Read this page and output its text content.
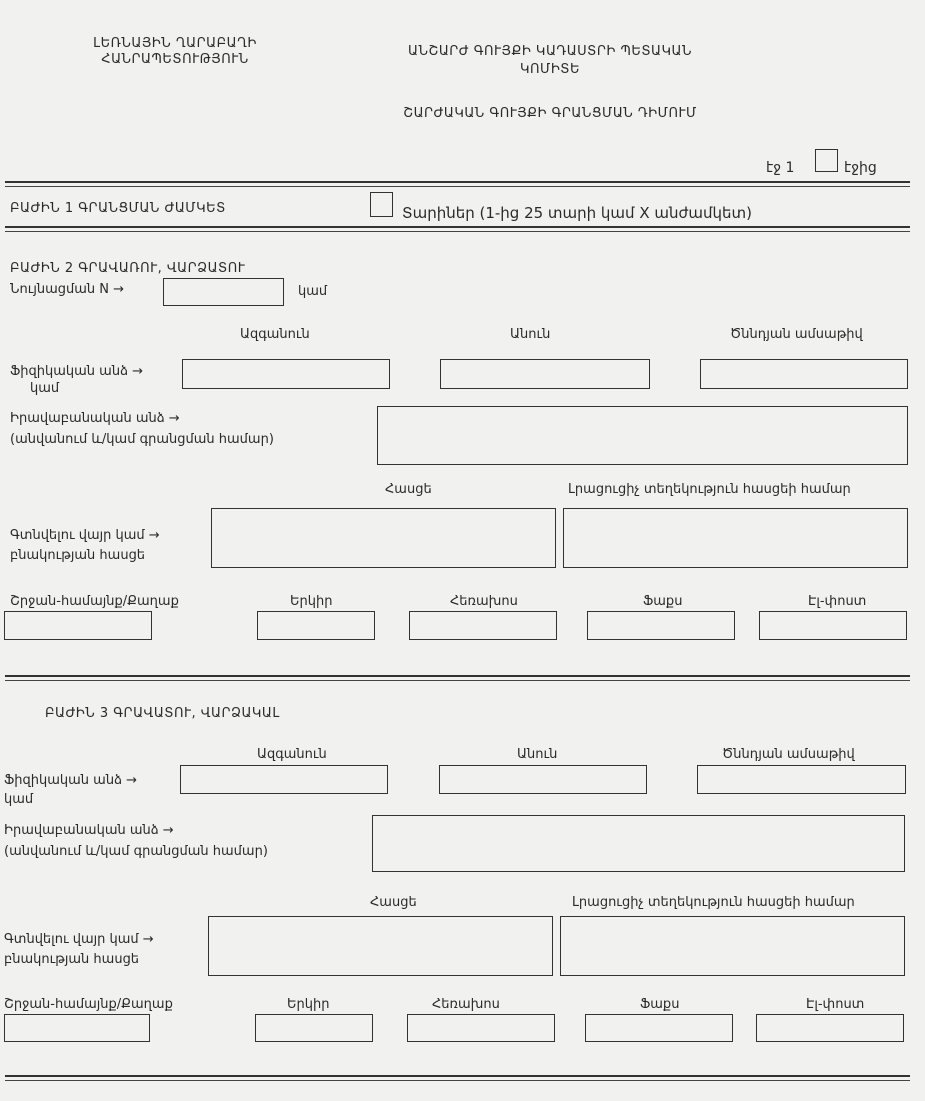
ԼԵՌՆԱՅԻՆ ՂԱՐԱԲԱՂԻ
ՀԱՆՐԱՊԵՏՈՒԹՅՈՒՆ
ԱՆՇԱՐԺ ԳՈՒՅՔԻ ԿԱԴԱՍՏՐԻ ՊԵՏԱԿԱՆ
ԿՈՄԻՏԵ
ՇԱՐԺԱԿԱՆ ԳՈՒՅՔԻ ԳՐԱՆՑՄԱՆ ԴԻՄՈՒՄ
էջ 1	էջից
ԲԱԺԻՆ 1 ԳՐԱՆՑՄԱՆ ԺԱՄԿԵՏ	Տարիներ (1-ից 25 տարի կամ X անժամկետ)
ԲԱԺԻՆ 2 ԳՐԱՎԱՌՈՒ, ՎԱՐՁԱՏՈՒ
Նույնացման N →	կամ
Ազգանուն	Անուն	Ծննդյան ամսաթիվ
Ֆիզիկական անձ →
կամ
Իրավաբանական անձ →
(անվանում և/կամ գրանցման համար)
Հասցե	Լրացուցիչ տեղեկություն հասցեի համար
Գտնվելու վայր կամ →
բնակության հասցե
Շրջան-համայնք/Քաղաք	Երկիր	Հեռախոս	Ֆաքս	Էլ-փոստ
ԲԱԺԻՆ 3 ԳՐԱՎԱՏՈՒ, ՎԱՐՁԱԿԱԼ
Ազգանուն	Անուն	Ծննդյան ամսաթիվ
Ֆիզիկական անձ →
կամ
Իրավաբանական անձ →
(անվանում և/կամ գրանցման համար)
Հասցե	Լրացուցիչ տեղեկություն հասցեի համար
Գտնվելու վայր կամ →
բնակության հասցե
Շրջան-համայնք/Քաղաք	Երկիր	Հեռախոս	Ֆաքս	Էլ-փոստ
